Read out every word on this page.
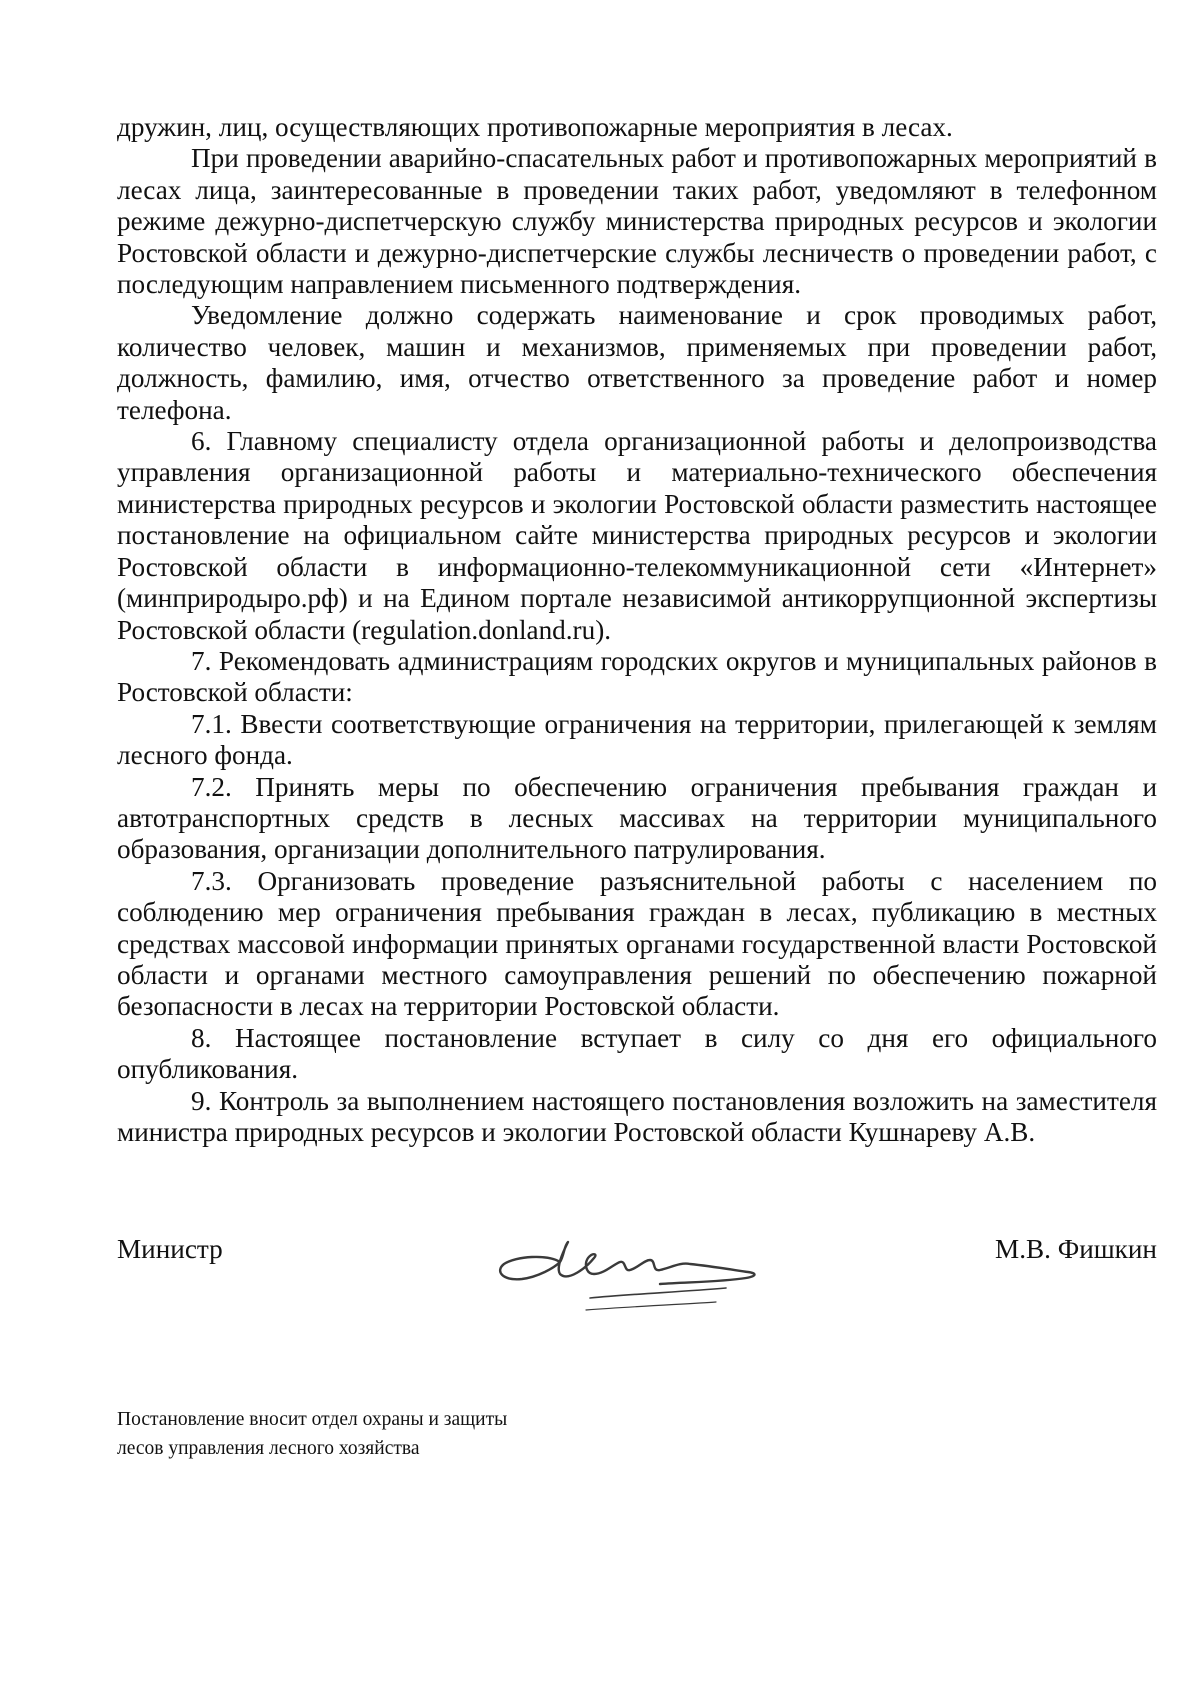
дружин, лиц, осуществляющих противопожарные мероприятия в лесах.

При проведении аварийно-спасательных работ и противопожарных мероприятий в лесах лица, заинтересованные в проведении таких работ, уведомляют в телефонном режиме дежурно-диспетчерскую службу министерства природных ресурсов и экологии Ростовской области и дежурно-диспетчерские службы лесничеств о проведении работ, с последующим направлением письменного подтверждения.

Уведомление должно содержать наименование и срок проводимых работ, количество человек, машин и механизмов, применяемых при проведении работ, должность, фамилию, имя, отчество ответственного за проведение работ и номер телефона.

6. Главному специалисту отдела организационной работы и делопроизводства управления организационной работы и материально-технического обеспечения министерства природных ресурсов и экологии Ростовской области разместить настоящее постановление на официальном сайте министерства природных ресурсов и экологии Ростовской области в информационно-телекоммуникационной сети «Интернет» (минприродыро.рф) и на Едином портале независимой антикоррупционной экспертизы Ростовской области (regulation.donland.ru).

7. Рекомендовать администрациям городских округов и муниципальных районов в Ростовской области:

7.1. Ввести соответствующие ограничения на территории, прилегающей к землям лесного фонда.

7.2. Принять меры по обеспечению ограничения пребывания граждан и автотранспортных средств в лесных массивах на территории муниципального образования, организации дополнительного патрулирования.

7.3. Организовать проведение разъяснительной работы с населением по соблюдению мер ограничения пребывания граждан в лесах, публикацию в местных средствах массовой информации принятых органами государственной власти Ростовской области и органами местного самоуправления решений по обеспечению пожарной безопасности в лесах на территории Ростовской области.

8. Настоящее постановление вступает в силу со дня его официального опубликования.

9. Контроль за выполнением настоящего постановления возложить на заместителя министра природных ресурсов и экологии Ростовской области Кушнареву А.В.

Министр	М.В. Фишкин
Постановление вносит отдел охраны и защиты
лесов управления лесного хозяйства
